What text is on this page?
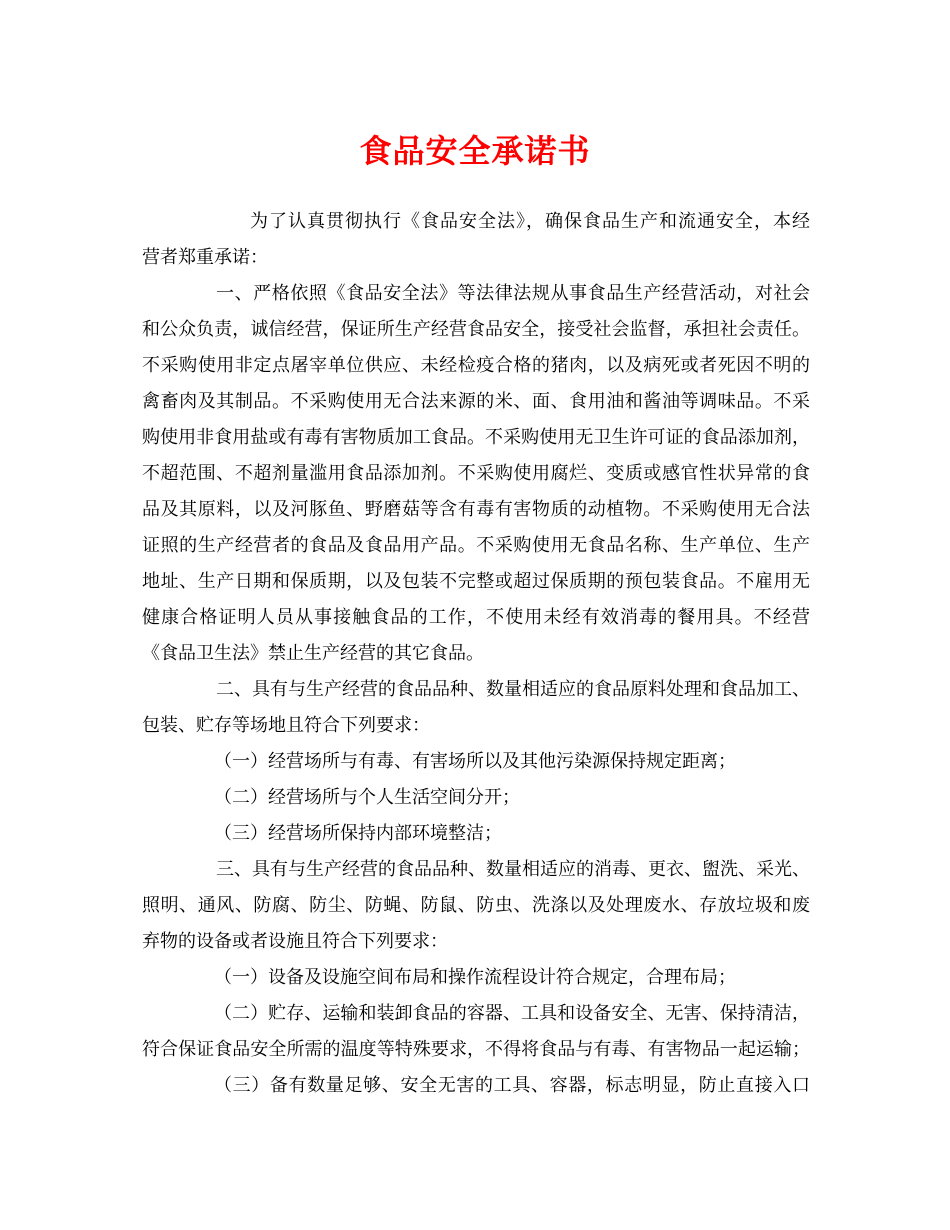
食品安全承诺书

为了认真贯彻执行《食品安全法》，确保食品生产和流通安全，本经

营者郑重承诺：

一、严格依照《食品安全法》等法律法规从事食品生产经营活动，对社会

和公众负责，诚信经营，保证所生产经营食品安全，接受社会监督，承担社会责任。

不采购使用非定点屠宰单位供应、未经检疫合格的猪肉，以及病死或者死因不明的

禽畜肉及其制品。不采购使用无合法来源的米、面、食用油和酱油等调味品。不采

购使用非食用盐或有毒有害物质加工食品。不采购使用无卫生许可证的食品添加剂，

不超范围、不超剂量滥用食品添加剂。不采购使用腐烂、变质或感官性状异常的食

品及其原料，以及河豚鱼、野磨菇等含有毒有害物质的动植物。不采购使用无合法

证照的生产经营者的食品及食品用产品。不采购使用无食品名称、生产单位、生产

地址、生产日期和保质期，以及包装不完整或超过保质期的预包装食品。不雇用无

健康合格证明人员从事接触食品的工作，不使用未经有效消毒的餐用具。不经营

《食品卫生法》禁止生产经营的其它食品。

二、具有与生产经营的食品品种、数量相适应的食品原料处理和食品加工、

包装、贮存等场地且符合下列要求：

（一）经营场所与有毒、有害场所以及其他污染源保持规定距离；

（二）经营场所与个人生活空间分开；

（三）经营场所保持内部环境整洁；

三、具有与生产经营的食品品种、数量相适应的消毒、更衣、盥洗、采光、

照明、通风、防腐、防尘、防蝇、防鼠、防虫、洗涤以及处理废水、存放垃圾和废

弃物的设备或者设施且符合下列要求：

（一）设备及设施空间布局和操作流程设计符合规定，合理布局；

（二）贮存、运输和装卸食品的容器、工具和设备安全、无害、保持清洁，

符合保证食品安全所需的温度等特殊要求，不得将食品与有毒、有害物品一起运输；

（三）备有数量足够、安全无害的工具、容器，标志明显，防止直接入口
